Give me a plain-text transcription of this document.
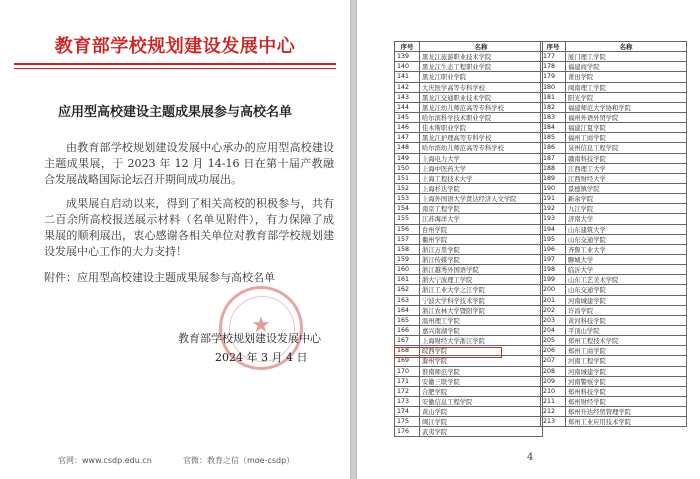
教育部学校规划建设发展中心
应用型高校建设主题成果展参与高校名单

由教育部学校规划建设发展中心承办的应用型高校建设主题成果展，于 2023 年 12 月 14-16 日在第十届产教融合发展战略国际论坛召开期间成功展出。

成果展自启动以来，得到了相关高校的积极参与，共有二百余所高校报送展示材料（名单见附件），有力保障了成果展的顺利展出，衷心感谢各相关单位对教育部学校规划建设发展中心工作的大力支持！

附件：应用型高校建设主题成果展参与高校名单
★
教育部学校规划建设发展中心
2024 年 3 月 4 日
官网：www.csdp.edu.cn	官微：教育之信（moe-csdp）
序号	名称
139	黑龙江旅游职业技术学院
140	黑龙江生态工程职业学院
141	黑龙江职业学院
142	大庆医学高等专科学校
143	黑龙江交通职业技术学院
144	黑龙江幼儿师范高等专科学校
145	哈尔滨科学技术职业学院
146	佳木斯职业学院
147	黑龙江护理高等专科学校
148	哈尔滨幼儿师范高等专科学校
149	上海电力大学
150	上海中医药大学
151	上海工程技术大学
152	上海杉达学院
153	上海外国语大学贤达经济人文学院
154	南京工程学院
155	江苏海洋大学
156	台州学院
157	衢州学院
158	浙江万里学院
159	浙江传媒学院
160	浙江越秀外国语学院
161	浙大宁波理工学院
162	浙江工业大学之江学院
163	宁波大学科学技术学院
164	浙江农林大学暨阳学院
165	温州理工学院
166	嘉兴南湖学院
167	上海财经大学浙江学院
168	皖西学院
169	滁州学院
170	淮南师范学院
171	安徽三联学院
172	合肥学院
173	安徽信息工程学院
174	黄山学院
175	闽江学院
176	武夷学院
序号	名称
177	厦门理工学院
178	福建商学院
179	莆田学院
180	闽南理工学院
181	阳光学院
182	福建师范大学协和学院
183	福州外语外贸学院
184	福建江夏学院
185	福州工商学院
186	泉州信息工程学院
187	赣南科技学院
188	江西理工大学
189	江西财经大学
190	景德镇学院
191	新余学院
192	九江学院
193	济南大学
194	山东建筑大学
195	山东交通学院
196	齐鲁工业大学
197	聊城大学
198	临沂大学
199	山东工艺美术学院
200	山东交通学院
201	河南城建学院
202	许昌学院
203	黄河科技学院
204	平顶山学院
205	郑州工程技术学院
206	郑州工商学院
207	河南工程学院
208	河南城建学院
209	河南警察学院
210	郑州科技学院
211	郑州财经学院
212	郑州升达经贸管理学院
213	郑州工业应用技术学院
4
